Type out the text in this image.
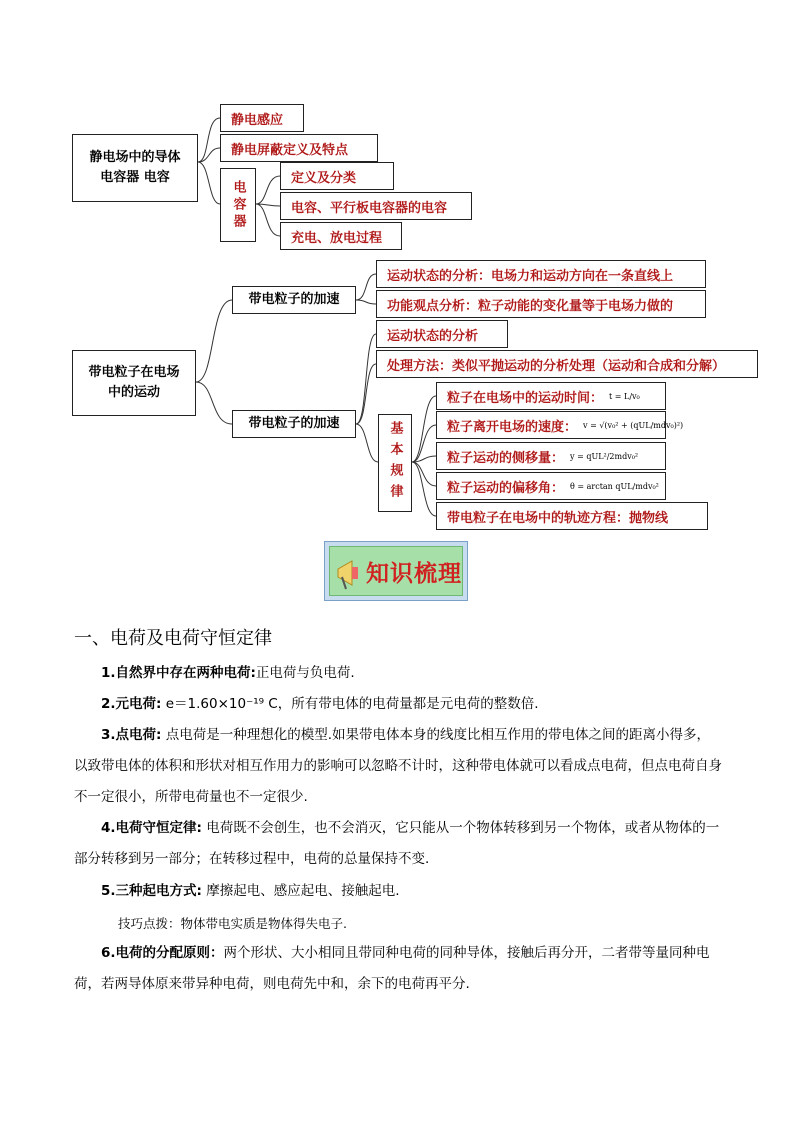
静电场中的导体 电容器 电容
静电感应
静电屏蔽定义及特点
电容器
定义及分类
电容、平行板电容器的电容
充电、放电过程
带电粒子在电场中的运动
带电粒子的加速
带电粒子的加速
运动状态的分析：电场力和运动方向在一条直线上
功能观点分析：粒子动能的变化量等于电场力做的
运动状态的分析
处理方法：类似平抛运动的分析处理（运动和合成和分解）
基本规律
粒子在电场中的运动时间： t = L/v₀
粒子离开电场的速度： v = √(v₀² + (qUL/mdv₀)²)
粒子运动的侧移量： y = qUL²/2mdv₀²
粒子运动的偏移角： θ = arctan qUL/mdv₀²
带电粒子在电场中的轨迹方程：抛物线
知识梳理
一、电荷及电荷守恒定律
1.自然界中存在两种电荷:正电荷与负电荷.
2.元电荷: e＝1.60×10⁻¹⁹ C，所有带电体的电荷量都是元电荷的整数倍.
3.点电荷: 点电荷是一种理想化的模型.如果带电体本身的线度比相互作用的带电体之间的距离小得多，以致带电体的体积和形状对相互作用力的影响可以忽略不计时，这种带电体就可以看成点电荷，但点电荷自身不一定很小，所带电荷量也不一定很少.
4.电荷守恒定律: 电荷既不会创生，也不会消灭，它只能从一个物体转移到另一个物体，或者从物体的一部分转移到另一部分；在转移过程中，电荷的总量保持不变.
5.三种起电方式: 摩擦起电、感应起电、接触起电.
技巧点拨：物体带电实质是物体得失电子.
6.电荷的分配原则：两个形状、大小相同且带同种电荷的同种导体，接触后再分开，二者带等量同种电荷，若两导体原来带异种电荷，则电荷先中和，余下的电荷再平分.
